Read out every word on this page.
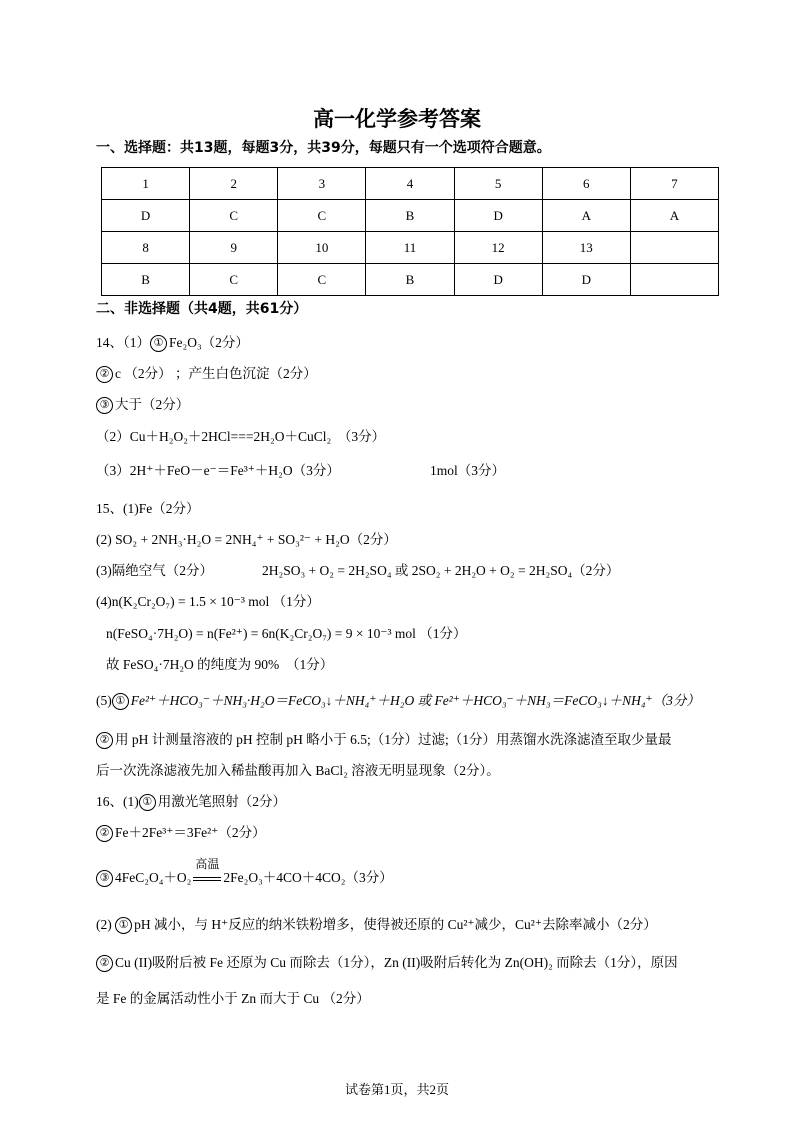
高一化学参考答案
一、选择题：共13题，每题3分，共39分，每题只有一个选项符合题意。
1	2	3	4	5	6	7
D	C	C	B	D	A	A
8	9	10	11	12	13	
B	C	C	B	D	D	
二、非选择题（共4题，共61分）
14、（1） ① Fe₂O₃（2分）
② c （2分） ；产生白色沉淀（2分）
③ 大于（2分）
（2）Cu＋H₂O₂＋2HCl===2H₂O＋CuCl₂　（3分）
（3）2H⁺＋FeO－e⁻＝Fe³⁺＋H₂O（3分）	1mol（3分）
15、(1)Fe（2分）
(2) SO₂ + 2NH₃·H₂O = 2NH₄⁺ + SO₃²⁻ + H₂O（2分）
(3)隔绝空气（2分）	2H₂SO₃ + O₂ = 2H₂SO₄ 或 2SO₂ + 2H₂O + O₂ = 2H₂SO₄（2分）
(4)n(K₂Cr₂O₇) = 1.5 × 10⁻³ mol （1分）
n(FeSO₄·7H₂O) = n(Fe²⁺) = 6n(K₂Cr₂O₇) = 9 × 10⁻³ mol （1分）
故 FeSO₄·7H₂O 的纯度为 90%　（1分）
(5) ① Fe²⁺＋HCO₃⁻＋NH₃·H₂O＝FeCO₃↓＋NH₄⁺＋H₂O 或 Fe²⁺＋HCO₃⁻＋NH₃＝FeCO₃↓＋NH₄⁺（3分）
② 用 pH 计测量溶液的 pH 控制 pH 略小于 6.5;（1分）过滤;（1分）用蒸馏水洗涤滤渣至取少量最
后一次洗涤滤液先加入稀盐酸再加入 BaCl₂ 溶液无明显现象（2分）。
16、(1) ① 用激光笔照射（2分）
② Fe＋2Fe³⁺＝3Fe²⁺（2分）
③ 4FeC₂O₄＋O₂
高温
2Fe₂O₃＋4CO＋4CO₂（3分）
(2) ① pH 减小，与 H⁺反应的纳米铁粉增多，使得被还原的 Cu²⁺减少，Cu²⁺去除率减小（2分）
② Cu (II)吸附后被 Fe 还原为 Cu 而除去（1分），Zn (II)吸附后转化为 Zn(OH)₂ 而除去（1分），原因
是 Fe 的金属活动性小于 Zn 而大于 Cu （2分）
试卷第1页，共2页
